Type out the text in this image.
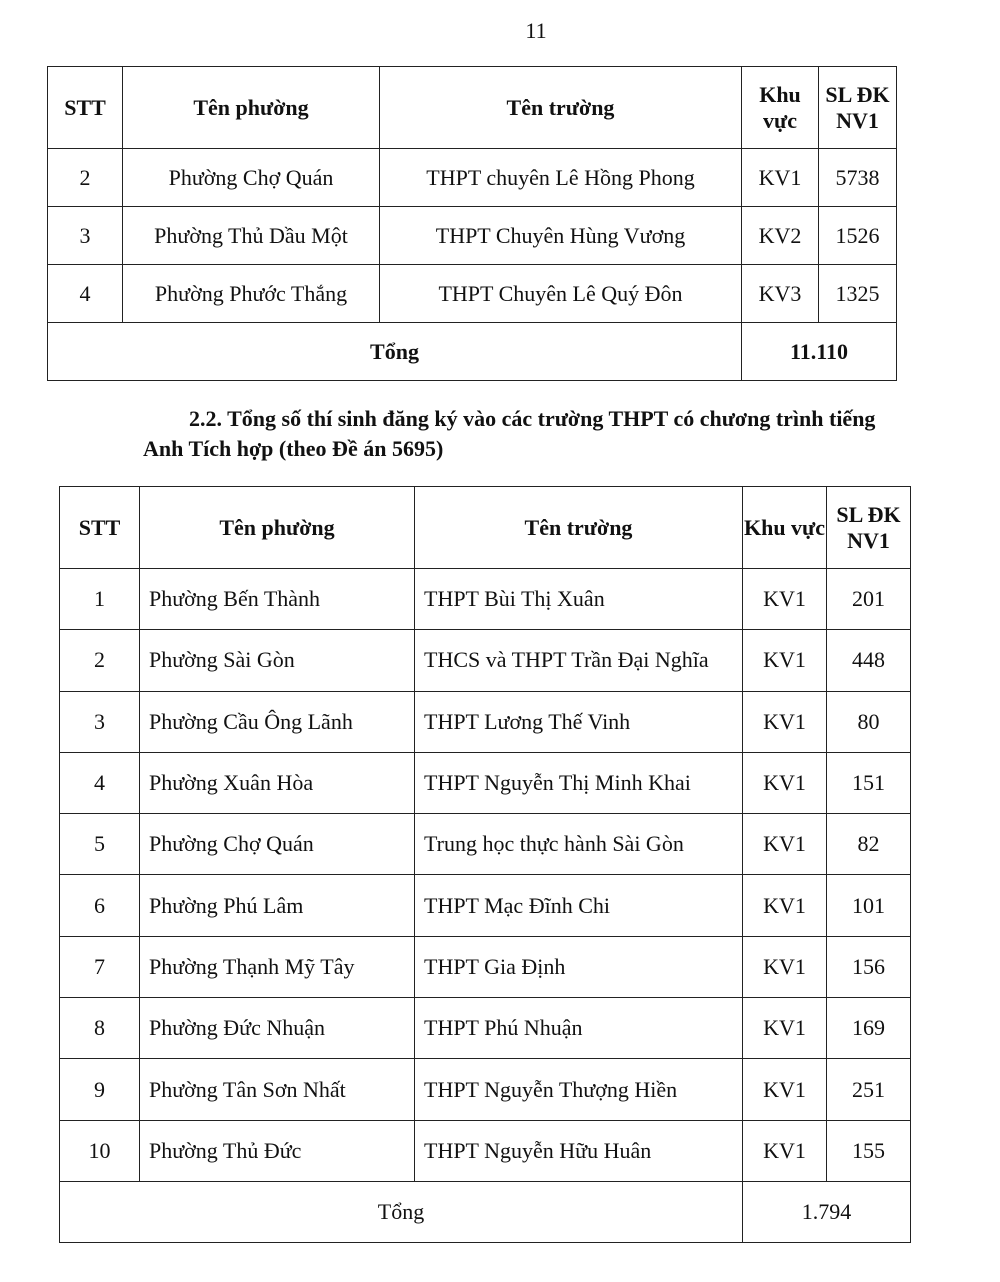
11
STT	Tên phường	Tên trường	Khu vực	SL ĐK NV1
2	Phường Chợ Quán	THPT chuyên Lê Hồng Phong	KV1	5738
3	Phường Thủ Dầu Một	THPT Chuyên Hùng Vương	KV2	1526
4	Phường Phước Thắng	THPT Chuyên Lê Quý Đôn	KV3	1325
Tổng			11.110	
2.2. Tổng số thí sinh đăng ký vào các trường THPT có chương trình tiếng
Anh Tích hợp (theo Đề án 5695)
STT	Tên phường	Tên trường	Khu vực	SL ĐK NV1
1	Phường Bến Thành	THPT Bùi Thị Xuân	KV1	201
2	Phường Sài Gòn	THCS và THPT Trần Đại Nghĩa	KV1	448
3	Phường Cầu Ông Lãnh	THPT Lương Thế Vinh	KV1	80
4	Phường Xuân Hòa	THPT Nguyễn Thị Minh Khai	KV1	151
5	Phường Chợ Quán	Trung học thực hành Sài Gòn	KV1	82
6	Phường Phú Lâm	THPT Mạc Đĩnh Chi	KV1	101
7	Phường Thạnh Mỹ Tây	THPT Gia Định	KV1	156
8	Phường Đức Nhuận	THPT Phú Nhuận	KV1	169
9	Phường Tân Sơn Nhất	THPT Nguyễn Thượng Hiền	KV1	251
10	Phường Thủ Đức	THPT Nguyễn Hữu Huân	KV1	155
Tổng			1.794	
